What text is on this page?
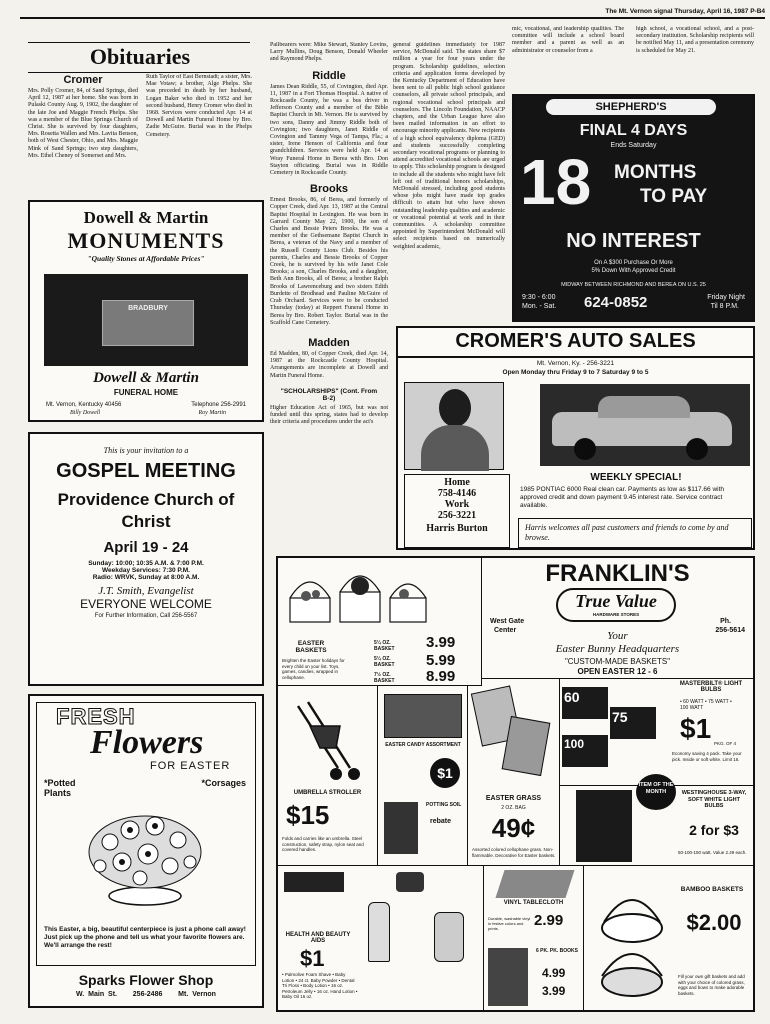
The Mt. Vernon signal Thursday, April 16, 1987 P-B4
Obituaries
Cromer
Mrs. Polly Cromer, 84, of Sand Springs, died April 12, 1987 at her home. She was born in Pulaski County Aug. 9, 1902, the daughter of the late Joe and Maggie French Phelps. She was a member of the Blue Springs Church of Christ. She is survived by four daughters, Mrs. Rosetta Wallen and Mrs. Lavita Benson, both of West Chester, Ohio, and Mrs. Maggie Mink of Sand Springs; two step daughters, Mrs. Ethel Cheney of Somerset and Mrs.
Ruth Taylor of East Bernstadt; a sister, Mrs. Mae Votaw; a brother, Alge Phelps. She was preceded in death by her husband, Logan Baker who died in 1952 and her second husband, Henry Cromer who died in 1968. Services were conducted Apr. 14 at Dowell and Martin Funeral Home by Bro. Zadie McGuire. Burial was in the Phelps Cemetery.
Pallbearers were: Mike Stewart, Stanley Lovins, Larry Mullins, Doug Benson, Donald Wheeler and Raymond Phelps.
Riddle
James Dean Riddle, 55, of Covington, died Apr. 11, 1987 in a Fort Thomas Hospital. A native of Rockcastle County, he was a bus driver in Jefferson County and a member of the Bible Baptist Church in Mt. Vernon. He is survived by two sons, Danny and Jimmy Riddle both of Covington; two daughters, Janet Riddle of Covington and Tammy Vega of Tampa, Fla.; a sister, Irene Henson of California and four grandchildren. Services were held Apr. 14 at Wray Funeral Home in Berea with Bro. Don Stayton officiating. Burial was in Riddle Cemetery in Rockcastle County.
Brooks
Ernest Brooks, 86, of Berea, and formerly of Copper Creek, died Apr. 13, 1987 at the Central Baptist Hospital in Lexington. He was born in Garrard County May 22, 1900, the son of Charles and Bessie Peters Brooks. He was a member of the Gethsemane Baptist Church in Berea, a veteran of the Navy and a member of the Russell County Lions Club. Besides his parents, Charles and Bessie Brooks of Copper Creek, he is survived by his wife Janet Cole Brooks; a son, Charles Brooks, and a daughter, Beth Ann Brooks, all of Berea; a brother Ralph Brooks of Lawrenceburg and two sisters Edith Burdette of Brodhead and Pauline McGuire of Crab Orchard. Services were to be conducted Thursday (today) at Reppert Funeral Home in Berea by Bro. Robert Taylor. Burial was in the Scaffold Cane Cemetery.
Madden
Ed Madden, 80, of Copper Creek, died Apr. 14, 1987 at the Rockcastle County Hospital. Arrangements are incomplete at Dowell and Martin Funeral Home.
"SCHOLARSHIPS" (Cont. From B-2)
Higher Education Act of 1965, but was not funded until this spring, states had to develop their criteria and procedures under the act's
general guidelines immediately for 1987 service, McDonald said. The states share $7 million a year for four years under the program. Scholarship guidelines, selection criteria and application forms developed by the Kentucky Department of Education have been sent to all public high school guidance counselors, all private school principals, and regional vocational school principals and counselors. The Lincoln Foundation, NAACP chapters, and the Urban League have also been mailed information in an effort to encourage minority applicants. New recipients of a high school equivalency diploma (GED) and students successfully completing secondary vocational programs or planning to attend accredited vocational schools are urged to apply. This scholarship program is designed to include all the students who might have felt left out of traditional honors scholarships, McDonald stressed, including good students whose jobs might have made top grades difficult to attain but who have shown outstanding leadership qualities and academic or vocational potential at work and in their communities. A scholarship committee appointed by Superintendent McDonald will select recipients based on numerically weighted academic,
mic, vocational, and leadership qualities. The committee will include a school board member and a parent as well as an administrator or counselor from a
high school, a vocational school, and a post-secondary institution. Scholarship recipients will be notified May 11, and a presentation ceremony is scheduled for May 21.
Dowell & Martin
MONUMENTS
"Quality Stones at Affordable Prices"
BRADBURY
Dowell & Martin
FUNERAL HOME
Mt. Vernon, Kentucky 40456	Telephone 256-2991
Billy Dowell	Roy Martin
This is your invitation to a
GOSPEL MEETING
Providence Church of Christ
April 19 - 24
Sunday: 10:00; 10:35 A.M. & 7:00 P.M.
Weekday Services: 7:30 P.M.
Radio: WRVK, Sunday at 8:00 A.M.
J.T. Smith, Evangelist
EVERYONE WELCOME
For Further Information, Call 256-5567
FRESH
Flowers
FOR EASTER
*Potted Plants
*Corsages
This Easter, a big, beautiful centerpiece is just a phone call away! Just pick up the phone and tell us what your favorite flowers are. We'll arrange the rest!
Sparks Flower Shop
W. Main St. 256-2486 Mt. Vernon
SHEPHERD'S
FINAL 4 DAYS
Ends Saturday
18 MONTHS
TO PAY
NO INTEREST
On A $300 Purchase Or More
5% Down With Approved Credit
MIDWAY BETWEEN RICHMOND AND BEREA ON U.S. 25
9:30 - 6:00
Mon. - Sat. 624-0852	Friday Night
Til 8 P.M.
CROMER'S AUTO SALES
Mt. Vernon, Ky. - 256-3221
Open Monday thru Friday 9 to 7 Saturday 9 to 5
Home
758-4146
Work
256-3221
Harris Burton
WEEKLY SPECIAL!
1985 PONTIAC 6000 Real clean car. Payments as low as $117.66 with approved credit and down payment 9.45 interest rate. Service contract available.
Harris welcomes all past customers and friends to come by and browse.
EASTER BASKETS
Brighten the Easter holidays for every child on your list. Toys, games, candies, wrapped in cellophane.
5¼ OZ. BASKET	3.99
5¼ OZ. BASKET	5.99
7½ OZ. BASKET	8.99
FRANKLIN'S
True Value
HARDWARE STORES
West Gate
Center
Ph.
256-5614
Your
Easter Bunny Headquarters
"CUSTOM-MADE BASKETS"
OPEN EASTER 12 - 6
60
75
100
MASTERBILT® LIGHT BULBS
• 60 WATT • 75 WATT • 100 WATT
$1 PKG. OF 4
Economy saving 4 pack. Take your pick. Inside or soft white. Limit 16.
UMBRELLA STROLLER
$15
Folds and carries like an umbrella. Steel construction, safety strap, nylon seat and covered handles.
EASTER CANDY ASSORTMENT
$1
POTTING SOIL
rebate
EASTER GRASS
2 OZ. BAG
49¢
Assorted colored cellophane grass. Non-flammable. Decorative for Easter baskets.
ITEM OF THE MONTH	WESTINGHOUSE 3-WAY, SOFT WHITE LIGHT BULBS
2 for $3
50-100-150 watt. Value 2.49 each.
HEALTH AND BEAUTY AIDS
$1
• Palmolive Foam Shave • Baby Lotion • 24 ct. Baby Powder • Dental Tri Floss • Body Lotion • 16 oz. Petroleum Jelly • 16 oz. Hand Lotion • Baby Oil 16 oz.
VINYL TABLECLOTH
Durable, washable vinyl in festive colors and prints.	2.99
6 PK. PK. BOOKS
4.99
3.99
BAMBOO BASKETS
$2.00
Fill your own gift baskets and add with your choice of colored grass, eggs and bows to make adorable baskets.
